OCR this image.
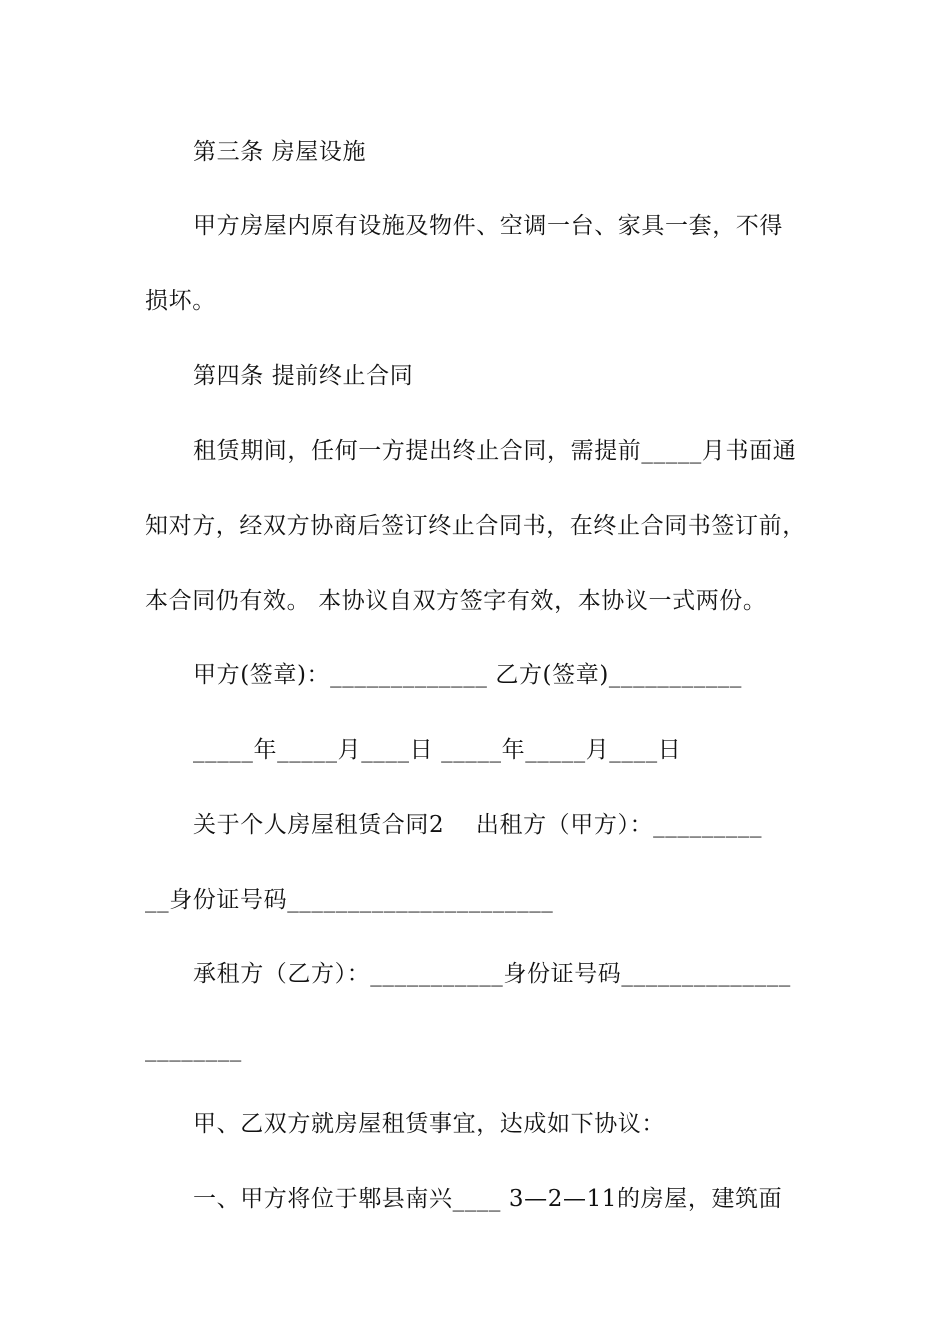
第三条 房屋设施
甲方房屋内原有设施及物件、空调一台、家具一套，不得
损坏。
第四条 提前终止合同
租赁期间，任何一方提出终止合同，需提前_____月书面通
知对方，经双方协商后签订终止合同书，在终止合同书签订前，
本合同仍有效。 本协议自双方签字有效，本协议一式两份。
甲方(签章)：_____________ 乙方(签章)___________
_____年_____月____日 _____年_____月____日
关于个人房屋租赁合同2    出租方（甲方）：_________
__身份证号码______________________
承租方（乙方）：___________身份证号码______________
________
甲、乙双方就房屋租赁事宜，达成如下协议：
一、甲方将位于郫县南兴____ 3—2—11的房屋，建筑面
